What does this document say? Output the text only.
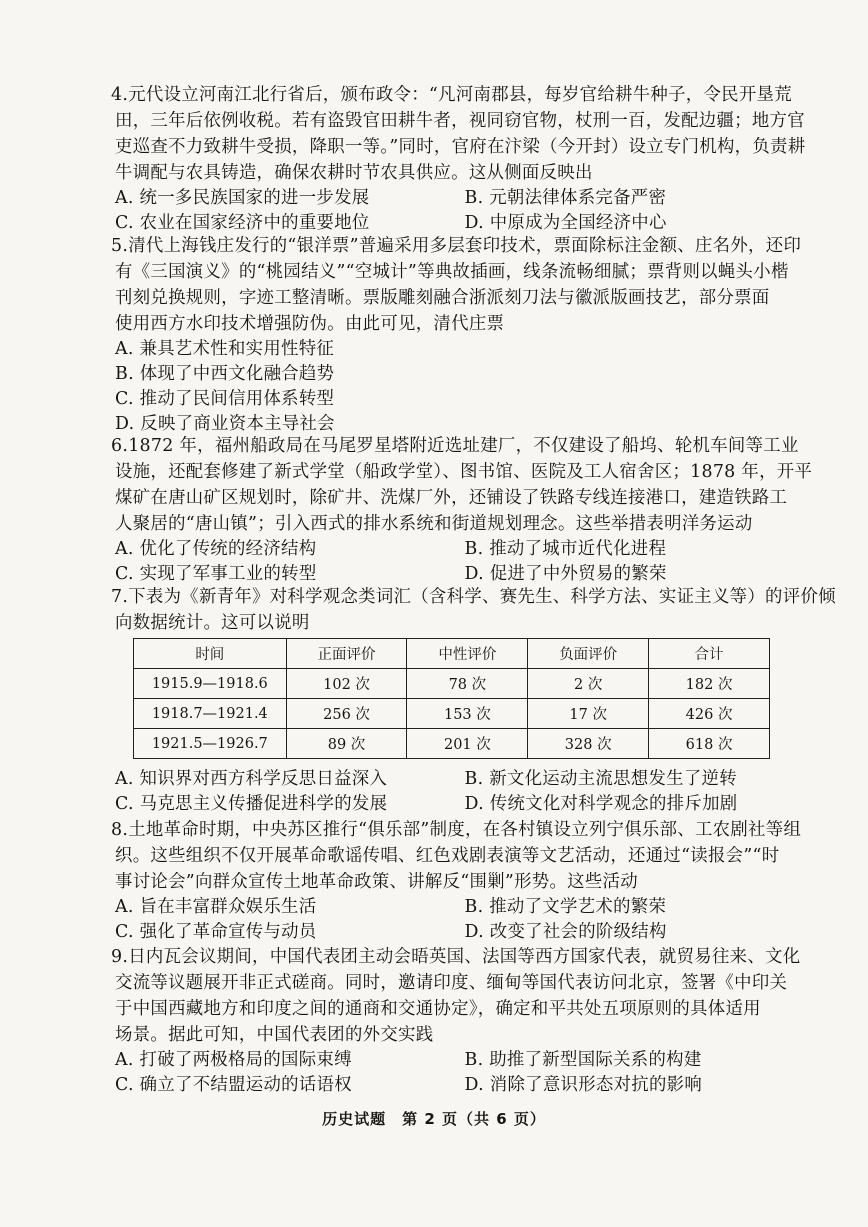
4.元代设立河南江北行省后，颁布政令：“凡河南郡县，每岁官给耕牛种子，令民开垦荒
田，三年后依例收税。若有盗毁官田耕牛者，视同窃官物，杖刑一百，发配边疆；地方官
吏巡查不力致耕牛受损，降职一等。”同时，官府在汴梁（今开封）设立专门机构，负责耕
牛调配与农具铸造，确保农耕时节农具供应。这从侧面反映出
A. 统一多民族国家的进一步发展	B. 元朝法律体系完备严密
C. 农业在国家经济中的重要地位	D. 中原成为全国经济中心
5.清代上海钱庄发行的“银洋票”普遍采用多层套印技术，票面除标注金额、庄名外，还印
有《三国演义》的“桃园结义”“空城计”等典故插画，线条流畅细腻；票背则以蝇头小楷
刊刻兑换规则，字迹工整清晰。票版雕刻融合浙派刻刀法与徽派版画技艺，部分票面
使用西方水印技术增强防伪。由此可见，清代庄票
A. 兼具艺术性和实用性特征
B. 体现了中西文化融合趋势
C. 推动了民间信用体系转型
D. 反映了商业资本主导社会
6.1872 年，福州船政局在马尾罗星塔附近选址建厂，不仅建设了船坞、轮机车间等工业
设施，还配套修建了新式学堂（船政学堂）、图书馆、医院及工人宿舍区；1878 年，开平
煤矿在唐山矿区规划时，除矿井、洗煤厂外，还铺设了铁路专线连接港口，建造铁路工
人聚居的“唐山镇”；引入西式的排水系统和街道规划理念。这些举措表明洋务运动
A. 优化了传统的经济结构	B. 推动了城市近代化进程
C. 实现了军事工业的转型	D. 促进了中外贸易的繁荣
7.下表为《新青年》对科学观念类词汇（含科学、赛先生、科学方法、实证主义等）的评价倾
向数据统计。这可以说明
时间	正面评价	中性评价	负面评价	合计
1915.9—1918.6	102 次	78 次	2 次	182 次
1918.7—1921.4	256 次	153 次	17 次	426 次
1921.5—1926.7	89 次	201 次	328 次	618 次
A. 知识界对西方科学反思日益深入	B. 新文化运动主流思想发生了逆转
C. 马克思主义传播促进科学的发展	D. 传统文化对科学观念的排斥加剧
8.土地革命时期，中央苏区推行“俱乐部”制度，在各村镇设立列宁俱乐部、工农剧社等组
织。这些组织不仅开展革命歌谣传唱、红色戏剧表演等文艺活动，还通过“读报会”“时
事讨论会”向群众宣传土地革命政策、讲解反“围剿”形势。这些活动
A. 旨在丰富群众娱乐生活	B. 推动了文学艺术的繁荣
C. 强化了革命宣传与动员	D. 改变了社会的阶级结构
9.日内瓦会议期间，中国代表团主动会晤英国、法国等西方国家代表，就贸易往来、文化
交流等议题展开非正式磋商。同时，邀请印度、缅甸等国代表访问北京，签署《中印关
于中国西藏地方和印度之间的通商和交通协定》，确定和平共处五项原则的具体适用
场景。据此可知，中国代表团的外交实践
A. 打破了两极格局的国际束缚	B. 助推了新型国际关系的构建
C. 确立了不结盟运动的话语权	D. 消除了意识形态对抗的影响
历史试题　第 2 页（共 6 页）
